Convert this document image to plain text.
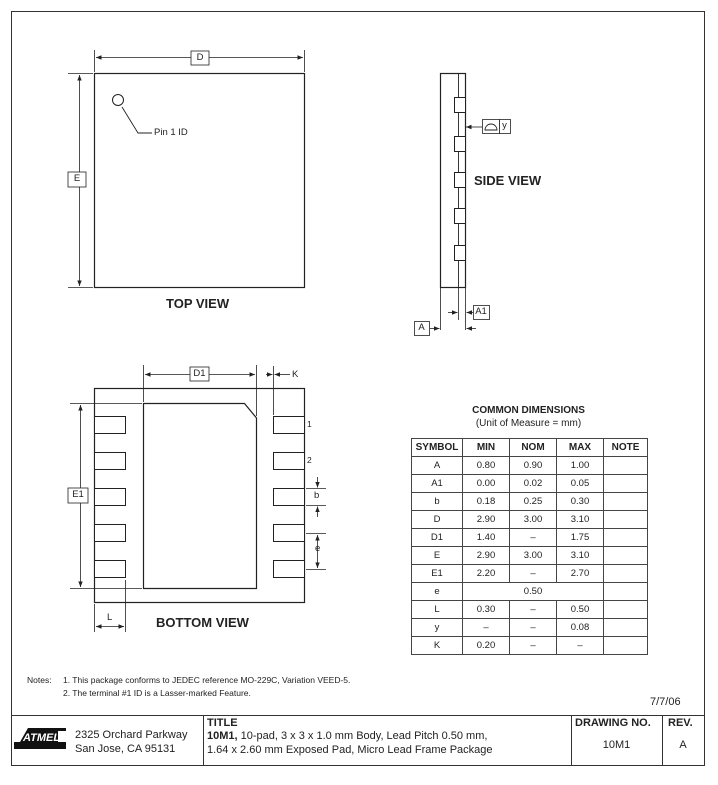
ATMEL
D
E
Pin 1 ID
TOP VIEW
SIDE VIEW
y
A1
A
D1	K
E1
1
2
b
e
L	BOTTOM VIEW
COMMON DIMENSIONS
(Unit of Measure = mm)
SYMBOL	MIN	NOM	MAX	NOTE
A	0.80	0.90	1.00	
A1	0.00	0.02	0.05	
b	0.18	0.25	0.30	
D	2.90	3.00	3.10	
D1	1.40	–	1.75	
E	2.90	3.00	3.10	
E1	2.20	–	2.70	
e	0.50			
L	0.30	–	0.50	
y	–	–	0.08	
K	0.20	–	–	
Notes: 1. This package conforms to JEDEC reference MO-229C, Variation VEED-5.
2. The terminal #1 ID is a Lasser-marked Feature.
7/7/06
2325 Orchard Parkway
San Jose, CA 95131
TITLE
10M1, 10-pad, 3 x 3 x 1.0 mm Body, Lead Pitch 0.50 mm,
1.64 x 2.60 mm Exposed Pad, Micro Lead Frame Package
DRAWING NO.
10M1
REV.
A
